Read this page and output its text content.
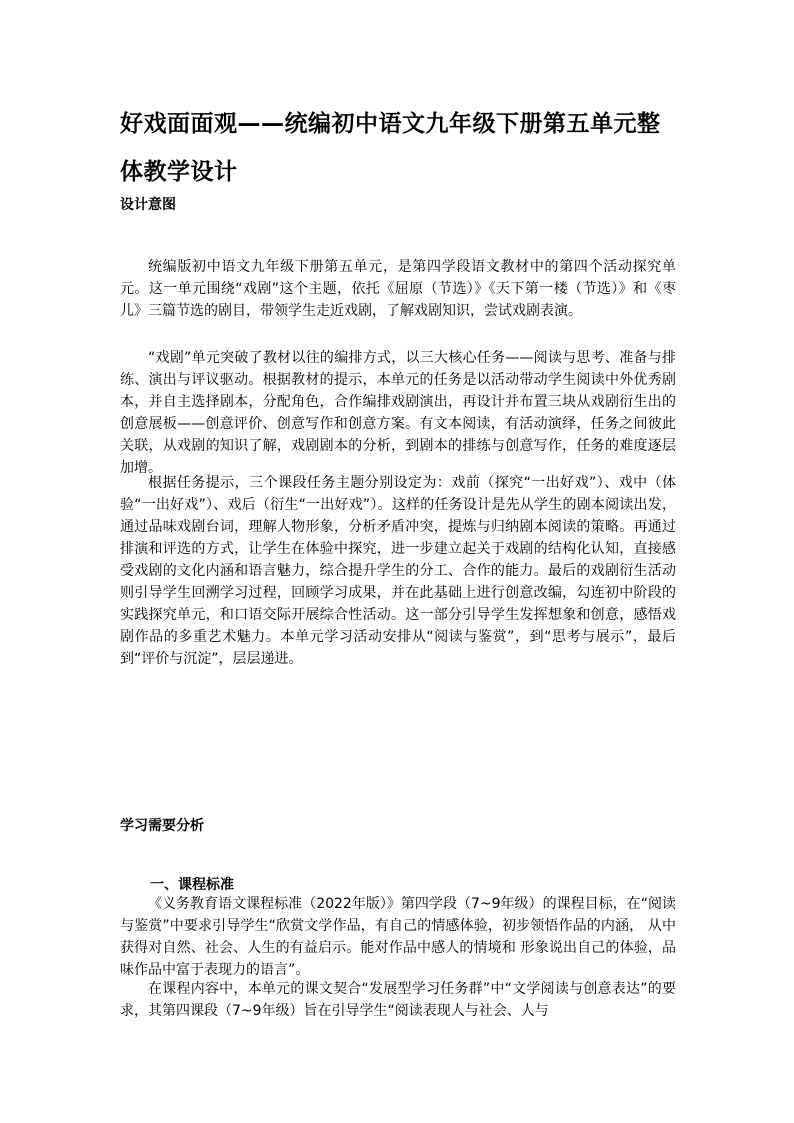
好戏面面观——统编初中语文九年级下册第五单元整体教学设计
设计意图

统编版初中语文九年级下册第五单元，是第四学段语文教材中的第四个活动探究单元。这一单元围绕“戏剧”这个主题，依托《屈原（节选）》《天下第一楼（节选）》和《枣儿》三篇节选的剧目，带领学生走近戏剧，了解戏剧知识，尝试戏剧表演。

“戏剧”单元突破了教材以往的编排方式，以三大核心任务——阅读与思考、准备与排练、演出与评议驱动。根据教材的提示，本单元的任务是以活动带动学生阅读中外优秀剧本，并自主选择剧本，分配角色，合作编排戏剧演出，再设计并布置三块从戏剧衍生出的创意展板——创意评价、创意写作和创意方案。有文本阅读，有活动演绎，任务之间彼此关联，从戏剧的知识了解，戏剧剧本的分析，到剧本的排练与创意写作，任务的难度逐层加增。

根据任务提示，三个课段任务主题分别设定为：戏前（探究“一出好戏”）、戏中（体验“一出好戏”）、戏后（衍生“一出好戏”）。这样的任务设计是先从学生的剧本阅读出发，通过品味戏剧台词，理解人物形象，分析矛盾冲突，提炼与归纳剧本阅读的策略。再通过排演和评选的方式，让学生在体验中探究，进一步建立起关于戏剧的结构化认知，直接感受戏剧的文化内涵和语言魅力，综合提升学生的分工、合作的能力。最后的戏剧衍生活动则引导学生回溯学习过程，回顾学习成果，并在此基础上进行创意改编，勾连初中阶段的实践探究单元，和口语交际开展综合性活动。这一部分引导学生发挥想象和创意，感悟戏剧作品的多重艺术魅力。本单元学习活动安排从“阅读与鉴赏”，到“思考与展示”，最后到“评价与沉淀”，层层递进。

学习需要分析
一、课程标准

《义务教育语文课程标准（2022年版）》第四学段（7~9年级）的课程目标，在“阅读与鉴赏”中要求引导学生“欣赏文学作品，有自己的情感体验，初步领悟作品的内涵， 从中获得对自然、社会、人生的有益启示。能对作品中感人的情境和 形象说出自己的体验，品味作品中富于表现力的语言”。

在课程内容中，本单元的课文契合“发展型学习任务群”中“文学阅读与创意表达”的要求，其第四课段（7~9年级）旨在引导学生“阅读表现人与社会、人与
